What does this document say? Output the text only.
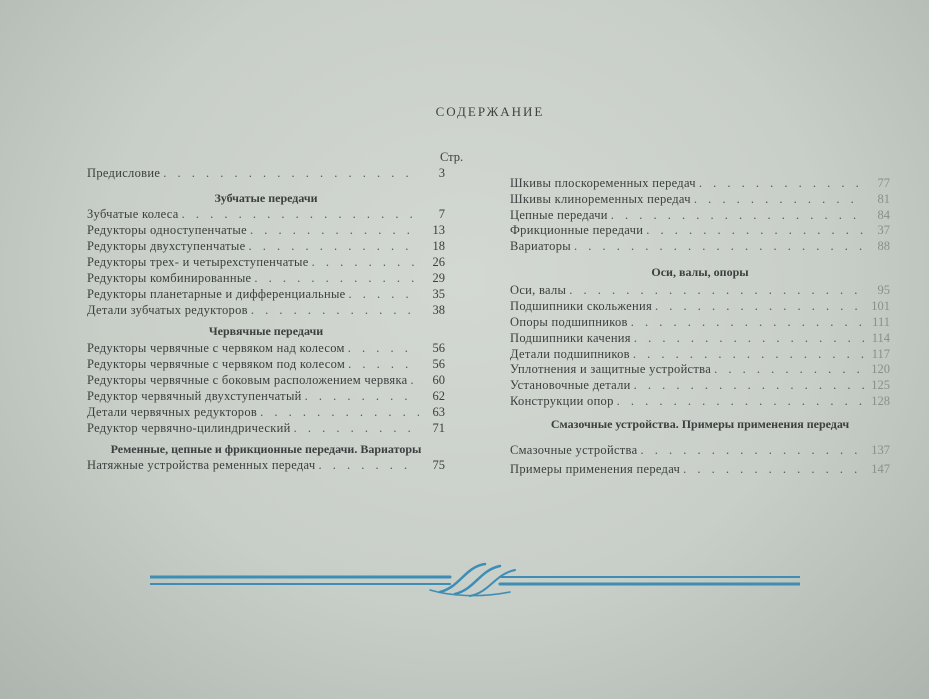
СОДЕРЖАНИЕ
Стр.
Предисловие . . .	3
Зубчатые передачи
Зубчатые колеса . . .	7
Редукторы одноступенчатые . . .	13
Редукторы двухступенчатые . . .	18
Редукторы трех- и четырехступенчатые . . .	26
Редукторы комбинированные . . .	29
Редукторы планетарные и дифференциальные . . .	35
Детали зубчатых редукторов . . .	38
Червячные передачи
Редукторы червячные с червяком над колесом . . .	56
Редукторы червячные с червяком под колесом . . .	56
Редукторы червячные с боковым расположением червяка . . .	60
Редуктор червячный двухступенчатый . . .	62
Детали червячных редукторов . . .	63
Редуктор червячно-цилиндрический . . .	71
Ременные, цепные и фрикционные передачи. Вариаторы
Натяжные устройства ременных передач . . .	75
Шкивы плоскоременных передач . . .	77
Шкивы клиноременных передач . . .	81
Цепные передачи . . .	84
Фрикционные передачи . . .	37
Вариаторы . . .	88
Оси, валы, опоры
Оси, валы . . .	95
Подшипники скольжения . . .	101
Опоры подшипников . . .	111
Подшипники качения . . .	114
Детали подшипников . . .	117
Уплотнения и защитные устройства . . .	120
Установочные детали . . .	125
Конструкции опор . . .	128
Смазочные устройства. Примеры применения передач
Смазочные устройства . . .	137
Примеры применения передач . . .	147
